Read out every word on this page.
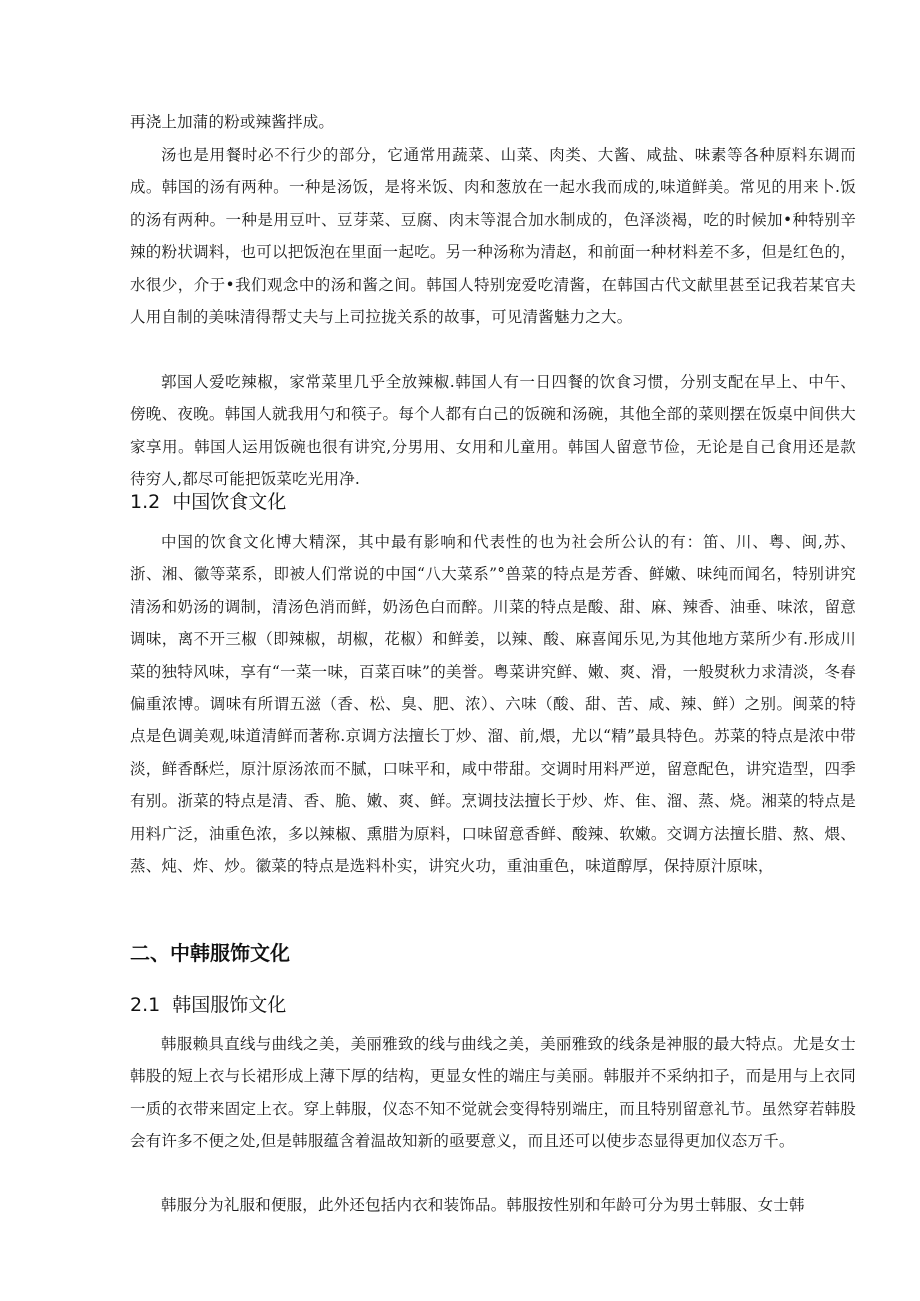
再浇上加蒲的粉或辣酱拌成。

汤也是用餐时必不行少的部分，它通常用蔬菜、山菜、肉类、大酱、咸盐、味素等各种原料东调而成。韩国的汤有两种。一种是汤饭，是将米饭、肉和葱放在一起水我而成的,味道鲜美。常见的用来卜.饭的汤有两种。一种是用豆叶、豆芽菜、豆腐、肉末等混合加水制成的，色泽淡褐，吃的时候加•种特别辛辣的粉状调料，也可以把饭泡在里面一起吃。另一种汤称为清赵，和前面一种材料差不多，但是红色的，水很少，介于•我们观念中的汤和酱之间。韩国人特别宠爱吃清酱，在韩国古代文献里甚至记我若某官夫人用自制的美味清得帮丈夫与上司拉拢关系的故事，可见清酱魅力之大。

郭国人爱吃辣椒，家常菜里几乎全放辣椒.韩国人有一日四餐的饮食习惯，分别支配在早上、中午、傍晚、夜晚。韩国人就我用勺和筷子。每个人都有白己的饭碗和汤碗，其他全部的菜则摆在饭桌中间供大家享用。韩国人运用饭碗也很有讲究,分男用、女用和儿童用。韩国人留意节俭，无论是自己食用还是款待穷人,都尽可能把饭菜吃光用净.

1.2 中国饮食文化

中国的饮食文化博大精深，其中最有影响和代表性的也为社会所公认的有：笛、川、粤、闽,苏、浙、湘、徽等菜系，即被人们常说的中国“八大菜系”°兽菜的特点是芳香、鲜嫩、味纯而闻名，特别讲究清汤和奶汤的调制，清汤色消而鲜，奶汤色白而醉。川菜的特点是酸、甜、麻、辣香、油垂、味浓，留意调味，离不开三椒（即辣椒，胡椒，花椒）和鲜姜，以辣、酸、麻喜闻乐见,为其他地方菜所少有.形成川菜的独特风味，享有“一菜一味，百菜百味”的美誉。粤菜讲究鲜、嫩、爽、滑，一般熨秋力求清淡，冬春偏重浓博。调味有所谓五滋（香、松、臭、肥、浓）、六味（酸、甜、苦、咸、辣、鲜）之别。闽菜的特点是色调美观,味道清鲜而著称.京调方法擅长丁炒、溜、前,煨，尤以“精”最具特色。苏菜的特点是浓中带淡，鲜香酥烂，原汁原汤浓而不腻，口味平和，咸中带甜。交调时用料严逆，留意配色，讲究造型，四季有别。浙菜的特点是清、香、脆、嫩、爽、鲜。烹调技法擅长于炒、炸、隹、溜、蒸、烧。湘菜的特点是用料广泛，油重色浓，多以辣椒、熏腊为原料，口味留意香鲜、酸辣、软嫩。交调方法擅长腊、熬、煨、蒸、炖、炸、炒。徽菜的特点是选料朴实，讲究火功，重油重色，味道醇厚，保持原汁原味，

二、中韩服饰文化
2.1 韩国服饰文化

韩服赖具直线与曲线之美，美丽雅致的线与曲线之美，美丽雅致的线条是神服的最大特点。尤是女士韩股的短上衣与长裙形成上薄下厚的结构，更显女性的端庄与美丽。韩服并不采纳扣子，而是用与上衣同一质的衣带来固定上衣。穿上韩服，仪态不知不觉就会变得特别端庄，而且特别留意礼节。虽然穿若韩股会有许多不便之处,但是韩服蕴含着温故知新的亟要意义，而且还可以使步态显得更加仪态万千。

韩服分为礼服和便服，此外还包括内衣和装饰品。韩服按性别和年龄可分为男士韩服、女士韩
